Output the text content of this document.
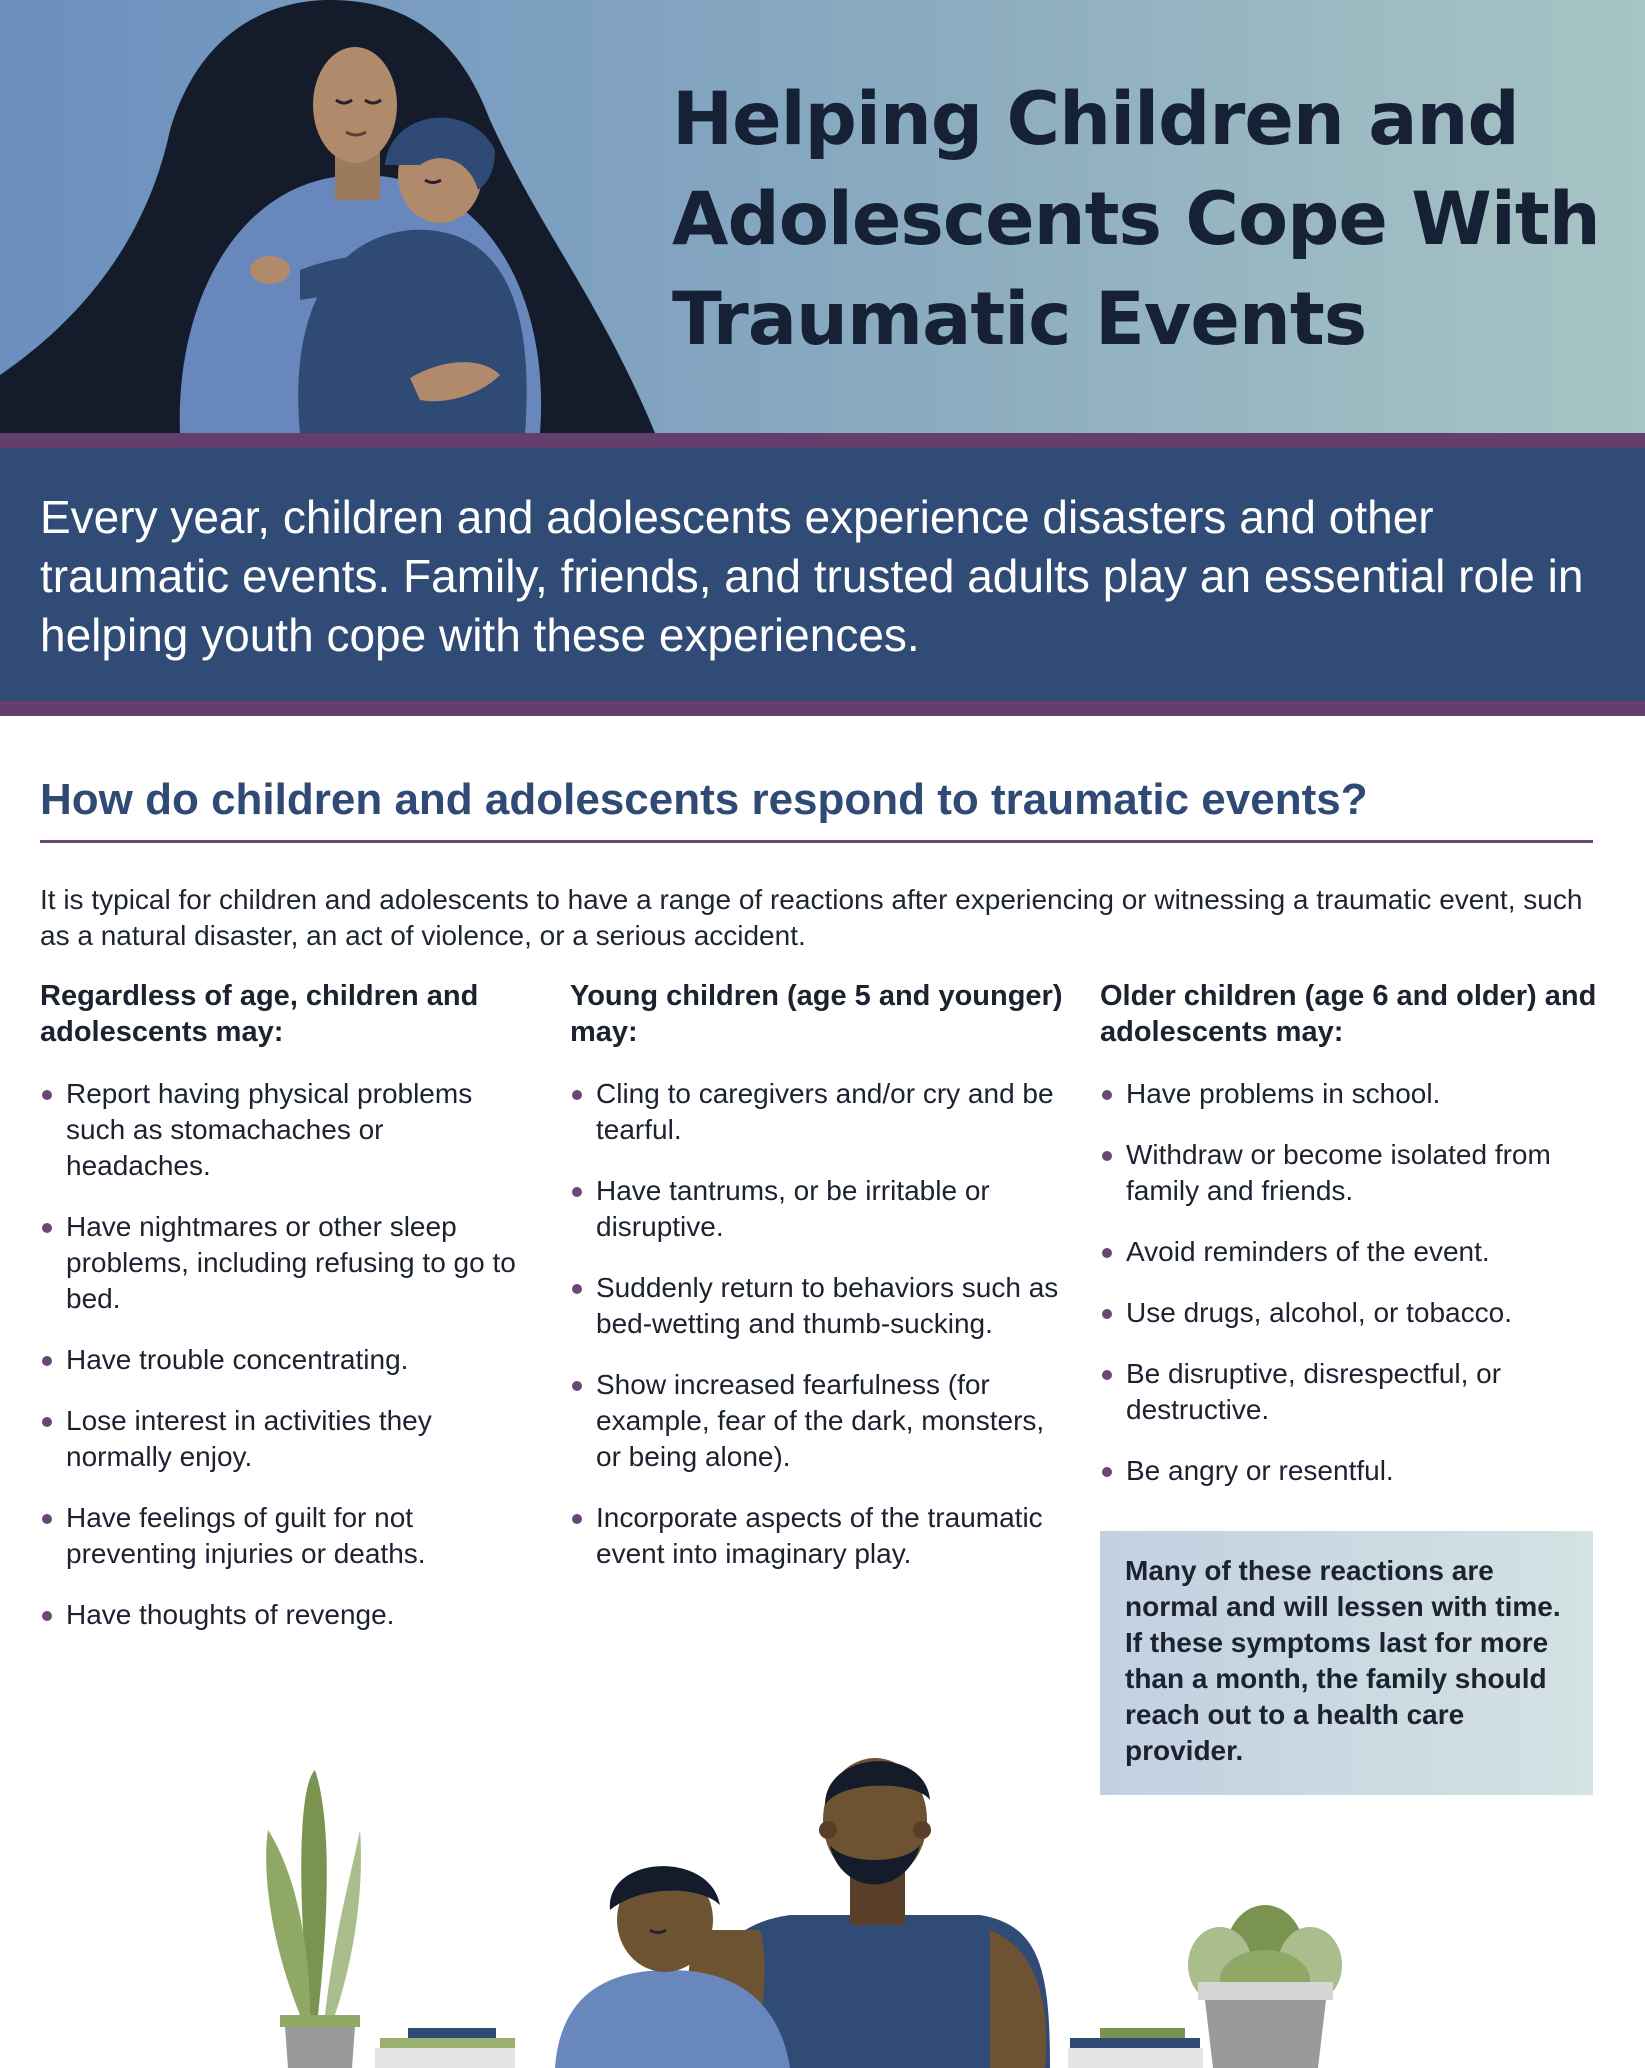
Helping Children and Adolescents Cope With Traumatic Events

Every year, children and adolescents experience disasters and other traumatic events. Family, friends, and trusted adults play an essential role in helping youth cope with these experiences.

How do children and adolescents respond to traumatic events?

It is typical for children and adolescents to have a range of reactions after experiencing or witnessing a traumatic event, such as a natural disaster, an act of violence, or a serious accident.

Regardless of age, children and adolescents may:
Report having physical problems such as stomachaches or headaches.
Have nightmares or other sleep problems, including refusing to go to bed.
Have trouble concentrating.
Lose interest in activities they normally enjoy.
Have feelings of guilt for not preventing injuries or deaths.
Have thoughts of revenge.
Young children (age 5 and younger) may:
Cling to caregivers and/or cry and be tearful.
Have tantrums, or be irritable or disruptive.
Suddenly return to behaviors such as bed-wetting and thumb-sucking.
Show increased fearfulness (for example, fear of the dark, monsters, or being alone).
Incorporate aspects of the traumatic event into imaginary play.
Older children (age 6 and older) and adolescents may:
Have problems in school.
Withdraw or become isolated from family and friends.
Avoid reminders of the event.
Use drugs, alcohol, or tobacco.
Be disruptive, disrespectful, or destructive.
Be angry or resentful.

Many of these reactions are normal and will lessen with time. If these symptoms last for more than a month, the family should reach out to a health care provider.
